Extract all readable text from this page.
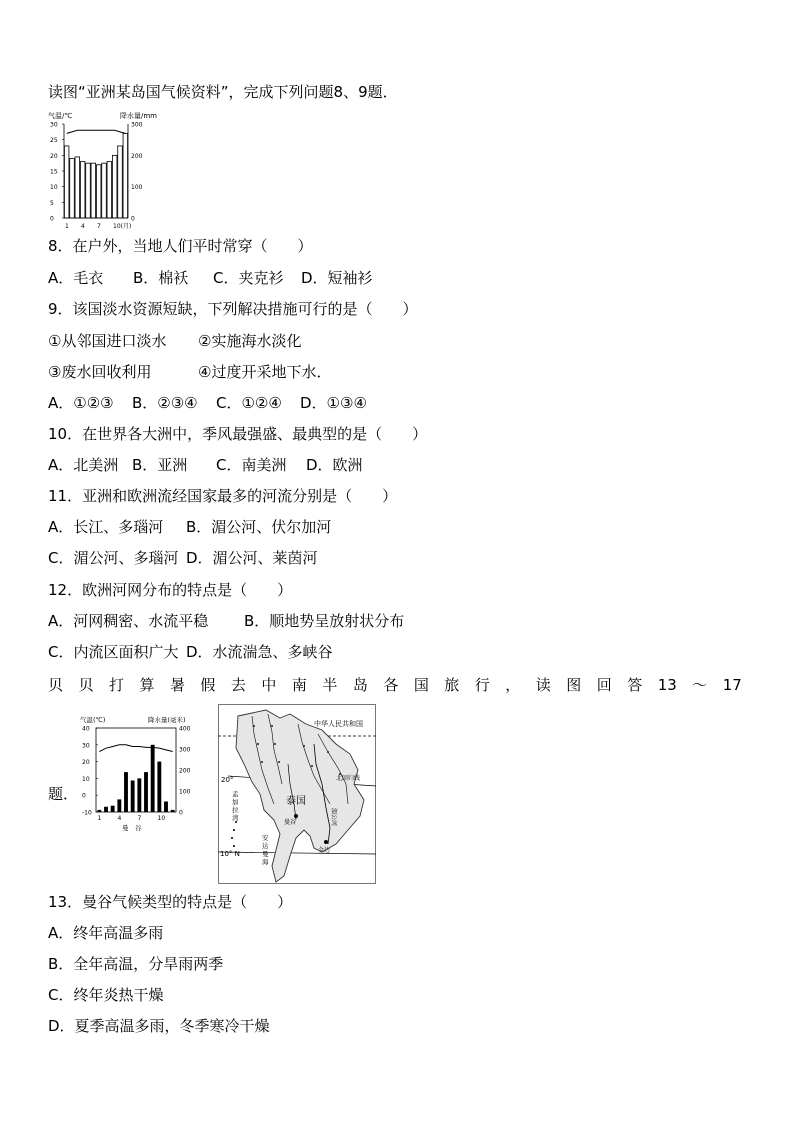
读图“亚洲某岛国气候资料”，完成下列问题8、9题．
气温/℃	降水量/mm
30
25
20
15
10
5
0
300
200
100
0
1 4 7 10(月)
8．在户外，当地人们平时常穿（　　）
A．毛衣 B．棉袄 C．夹克衫 D．短袖衫
9．该国淡水资源短缺，下列解决措施可行的是（　　）
①从邻国进口淡水 ②实施海水淡化
③废水回收利用	④过度开采地下水．
A．①②③ B．②③④ C．①②④ D．①③④
10．在世界各大洲中，季风最强盛、最典型的是（　　）
A．北美洲 B．亚洲 C．南美洲 D．欧洲
11．亚洲和欧洲流经国家最多的河流分别是（　　）
A．长江、多瑙河 B．湄公河、伏尔加河
C．湄公河、多瑙河 D．湄公河、莱茵河
12．欧洲河网分布的特点是（　　）
A．河网稠密、水流平稳 B．顺地势呈放射状分布
C．内流区面积广大 D．水流湍急、多峡谷
贝 贝 打 算 暑 假 去 中 南 半 岛 各 国 旅 行 ， 读 图 回 答 13 ～ 17
题．
气温(℃)	降水量(毫米)
40
30
20
10
0
-10
400
300
200
100
0
1	4	7	10
曼　谷
中华人民共和国
北回归线
20°
10° N
泰国
曼谷
金边
湄公河
孟加拉湾
安达曼海
13．曼谷气候类型的特点是（　　）
A．终年高温多雨
B．全年高温，分旱雨两季
C．终年炎热干燥
D．夏季高温多雨，冬季寒冷干燥
